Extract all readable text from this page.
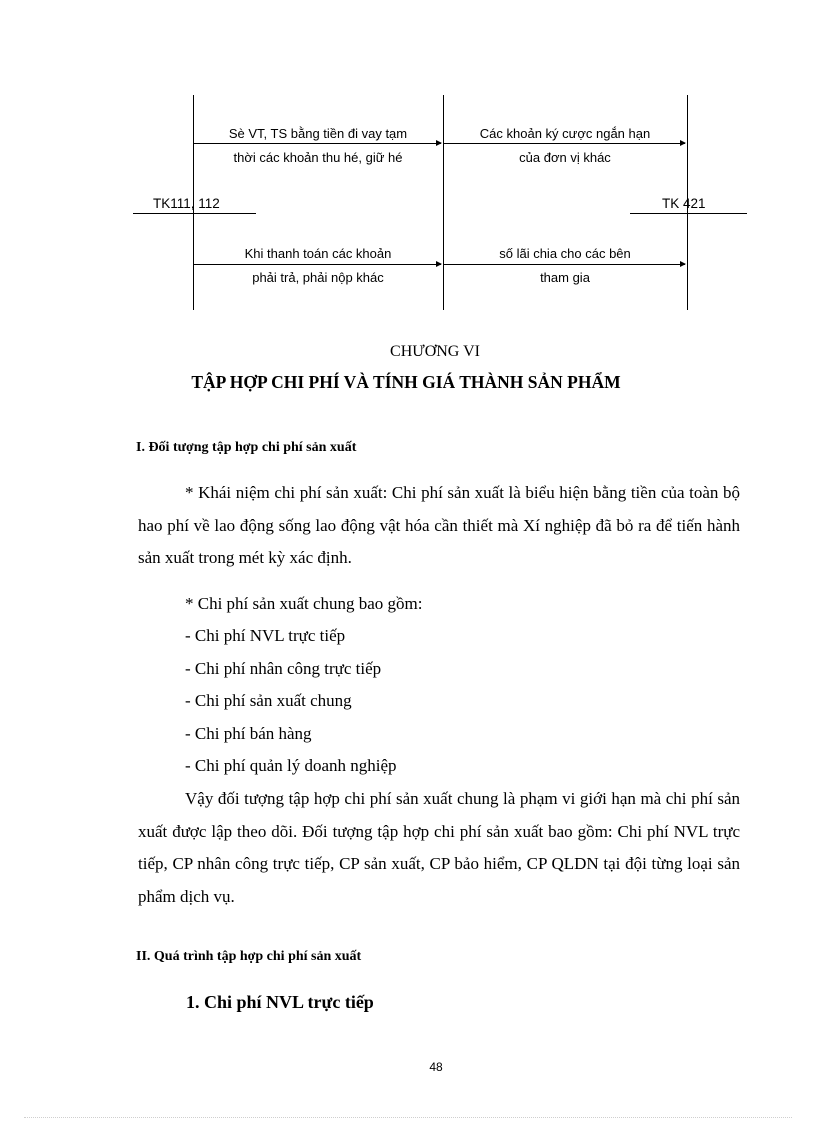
TK111, 112	TK 421
Sè VT, TS bằng tiền đi vay tạm
thời các khoản thu hé, giữ hé
Các khoản ký cược ngắn hạn
của đơn vị khác
Khi thanh toán các khoản
phải trả, phải nộp khác
số lãi chia cho các bên
tham gia
CHƯƠNG VI
TẬP HỢP CHI PHÍ VÀ TÍNH GIÁ THÀNH SẢN PHẨM
I. Đối tượng tập hợp chi phí sản xuất
* Khái niệm chi phí sản xuất: Chi phí sản xuất là biểu hiện bằng tiền của toàn bộ hao phí về lao động sống lao động vật hóa cần thiết mà Xí nghiệp đã bỏ ra để tiến hành sản xuất trong mét kỳ xác định.
* Chi phí sản xuất chung bao gồm:
- Chi phí NVL trực tiếp
- Chi phí nhân công trực tiếp
- Chi phí sản xuất chung
- Chi phí bán hàng
- Chi phí quản lý doanh nghiệp
Vậy đối tượng tập hợp chi phí sản xuất chung là phạm vi giới hạn mà chi phí sản xuất được lập theo dõi. Đối tượng tập hợp chi phí sản xuất bao gồm: Chi phí NVL trực tiếp, CP nhân công trực tiếp, CP sản xuất, CP bảo hiểm, CP QLDN tại đội từng loại sản phẩm dịch vụ.
II. Quá trình tập hợp chi phí sản xuất
1. Chi phí NVL trực tiếp
48
